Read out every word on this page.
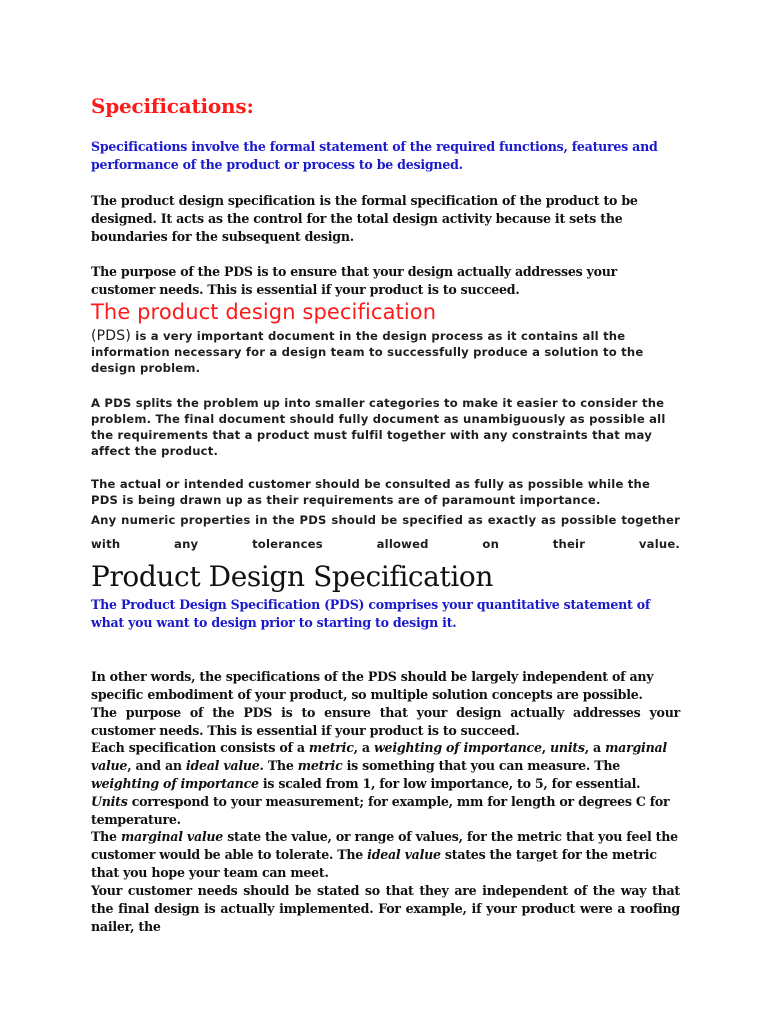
Specifications:

Specifications involve the formal statement of the required functions, features and performance of the product or process to be designed.

The product design specification is the formal specification of the product to be designed. It acts as the control for the total design activity because it sets the boundaries for the subsequent design.

The purpose of the PDS is to ensure that your design actually addresses your customer needs. This is essential if your product is to succeed.

The product design specification

(PDS) is a very important document in the design process as it contains all the information necessary for a design team to successfully produce a solution to the design problem.

A PDS splits the problem up into smaller categories to make it easier to consider the problem. The final document should fully document as unambiguously as possible all the requirements that a product must fulfil together with any constraints that may affect the product.

The actual or intended customer should be consulted as fully as possible while the PDS is being drawn up as their requirements are of paramount importance.

Any numeric properties in the PDS should be specified as exactly as possible together with any tolerances allowed on their value.

Product Design Specification

The Product Design Specification (PDS) comprises your quantitative statement of what you want to design prior to starting to design it.

In other words, the specifications of the PDS should be largely independent of any specific embodiment of your product, so multiple solution concepts are possible.

The purpose of the PDS is to ensure that your design actually addresses your customer needs. This is essential if your product is to succeed.

Each specification consists of a metric, a weighting of importance, units, a marginal value, and an ideal value. The metric is something that you can measure. The weighting of importance is scaled from 1, for low importance, to 5, for essential. Units correspond to your measurement; for example, mm for length or degrees C for temperature.

The marginal value state the value, or range of values, for the metric that you feel the customer would be able to tolerate. The ideal value states the target for the metric that you hope your team can meet.

Your customer needs should be stated so that they are independent of the way that the final design is actually implemented. For example, if your product were a roofing nailer, the
